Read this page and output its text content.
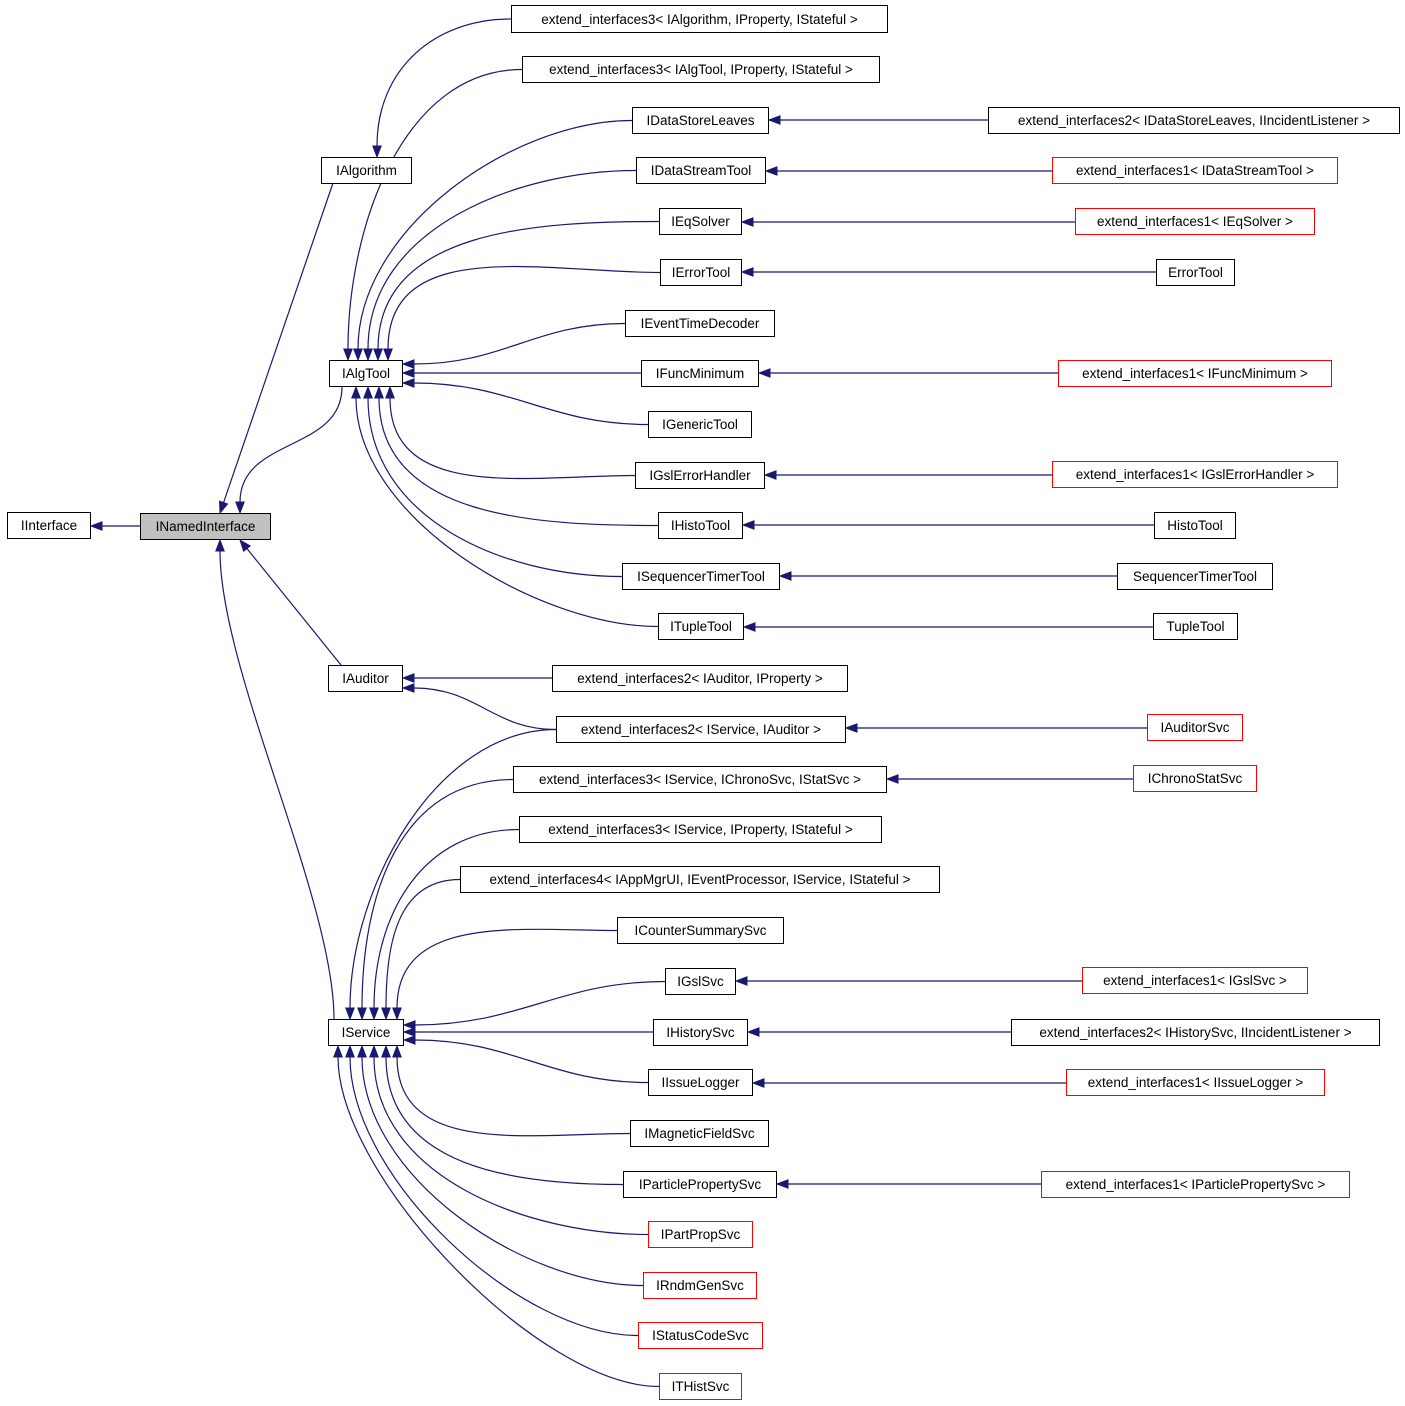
IInterface	INamedInterface
IAlgorithm
IAlgTool
IAuditor
IService
extend_interfaces3< IAlgorithm, IProperty, IStateful >
extend_interfaces3< IAlgTool, IProperty, IStateful >
IDataStoreLeaves
IDataStreamTool
IEqSolver
IErrorTool
IEventTimeDecoder
IFuncMinimum
IGenericTool
IGslErrorHandler
IHistoTool
ISequencerTimerTool
ITupleTool
extend_interfaces2< IAuditor, IProperty >
extend_interfaces2< IService, IAuditor >
extend_interfaces3< IService, IChronoSvc, IStatSvc >
extend_interfaces3< IService, IProperty, IStateful >
extend_interfaces4< IAppMgrUI, IEventProcessor, IService, IStateful >
ICounterSummarySvc
IGslSvc
IHistorySvc
IIssueLogger
IMagneticFieldSvc
IParticlePropertySvc
IPartPropSvc
IRndmGenSvc
IStatusCodeSvc
ITHistSvc
extend_interfaces2< IDataStoreLeaves, IIncidentListener >
extend_interfaces1< IDataStreamTool >
extend_interfaces1< IEqSolver >
ErrorTool
extend_interfaces1< IFuncMinimum >
extend_interfaces1< IGslErrorHandler >
HistoTool
SequencerTimerTool
TupleTool
IAuditorSvc
IChronoStatSvc
extend_interfaces1< IGslSvc >
extend_interfaces2< IHistorySvc, IIncidentListener >
extend_interfaces1< IIssueLogger >
extend_interfaces1< IParticlePropertySvc >
